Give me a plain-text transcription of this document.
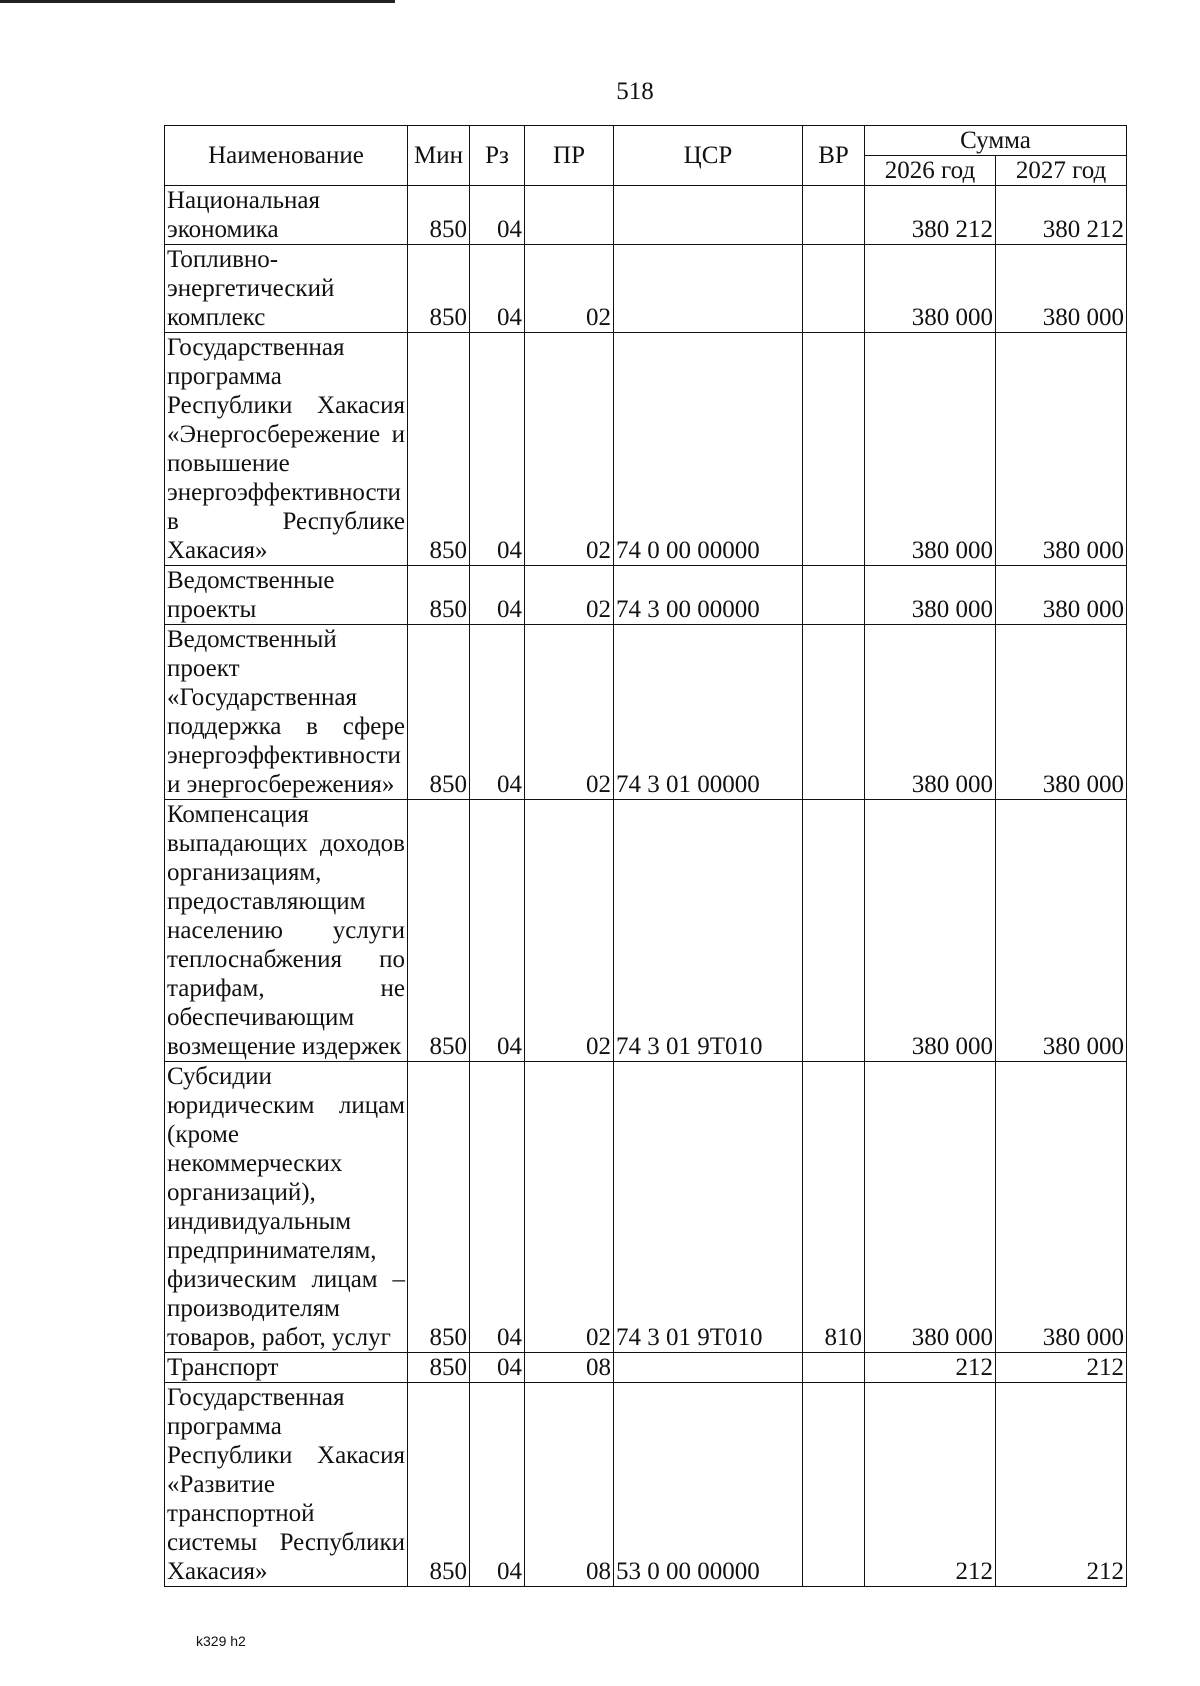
518
Наименование	Мин	Рз	ПР	ЦСР	ВР	Сумма	
						2026 год	2027 год
Национальная экономика	850	04				380 212	380 212
Топливно-энергетический комплекс	850	04	02			380 000	380 000
Государственная программа Республики Хакасия «Энергосбережение и повышение энергоэффективности в Республике Хакасия»	850	04	02	74 0 00 00000		380 000	380 000
Ведомственные проекты	850	04	02	74 3 00 00000		380 000	380 000
Ведомственный проект «Государственная поддержка в сфере энергоэффективности и энергосбережения»	850	04	02	74 3 01 00000		380 000	380 000
Компенсация выпадающих доходов организациям, предоставляющим населению услуги теплоснабжения по тарифам, не обеспечивающим возмещение издержек	850	04	02	74 3 01 9Т010		380 000	380 000
Субсидии юридическим лицам (кроме некоммерческих организаций), индивидуальным предпринимателям, физическим лицам – производителям товаров, работ, услуг	850	04	02	74 3 01 9Т010	810	380 000	380 000
Транспорт	850	04	08			212	212
Государственная программа Республики Хакасия «Развитие транспортной системы Республики Хакасия»	850	04	08	53 0 00 00000		212	212
k329 h2
